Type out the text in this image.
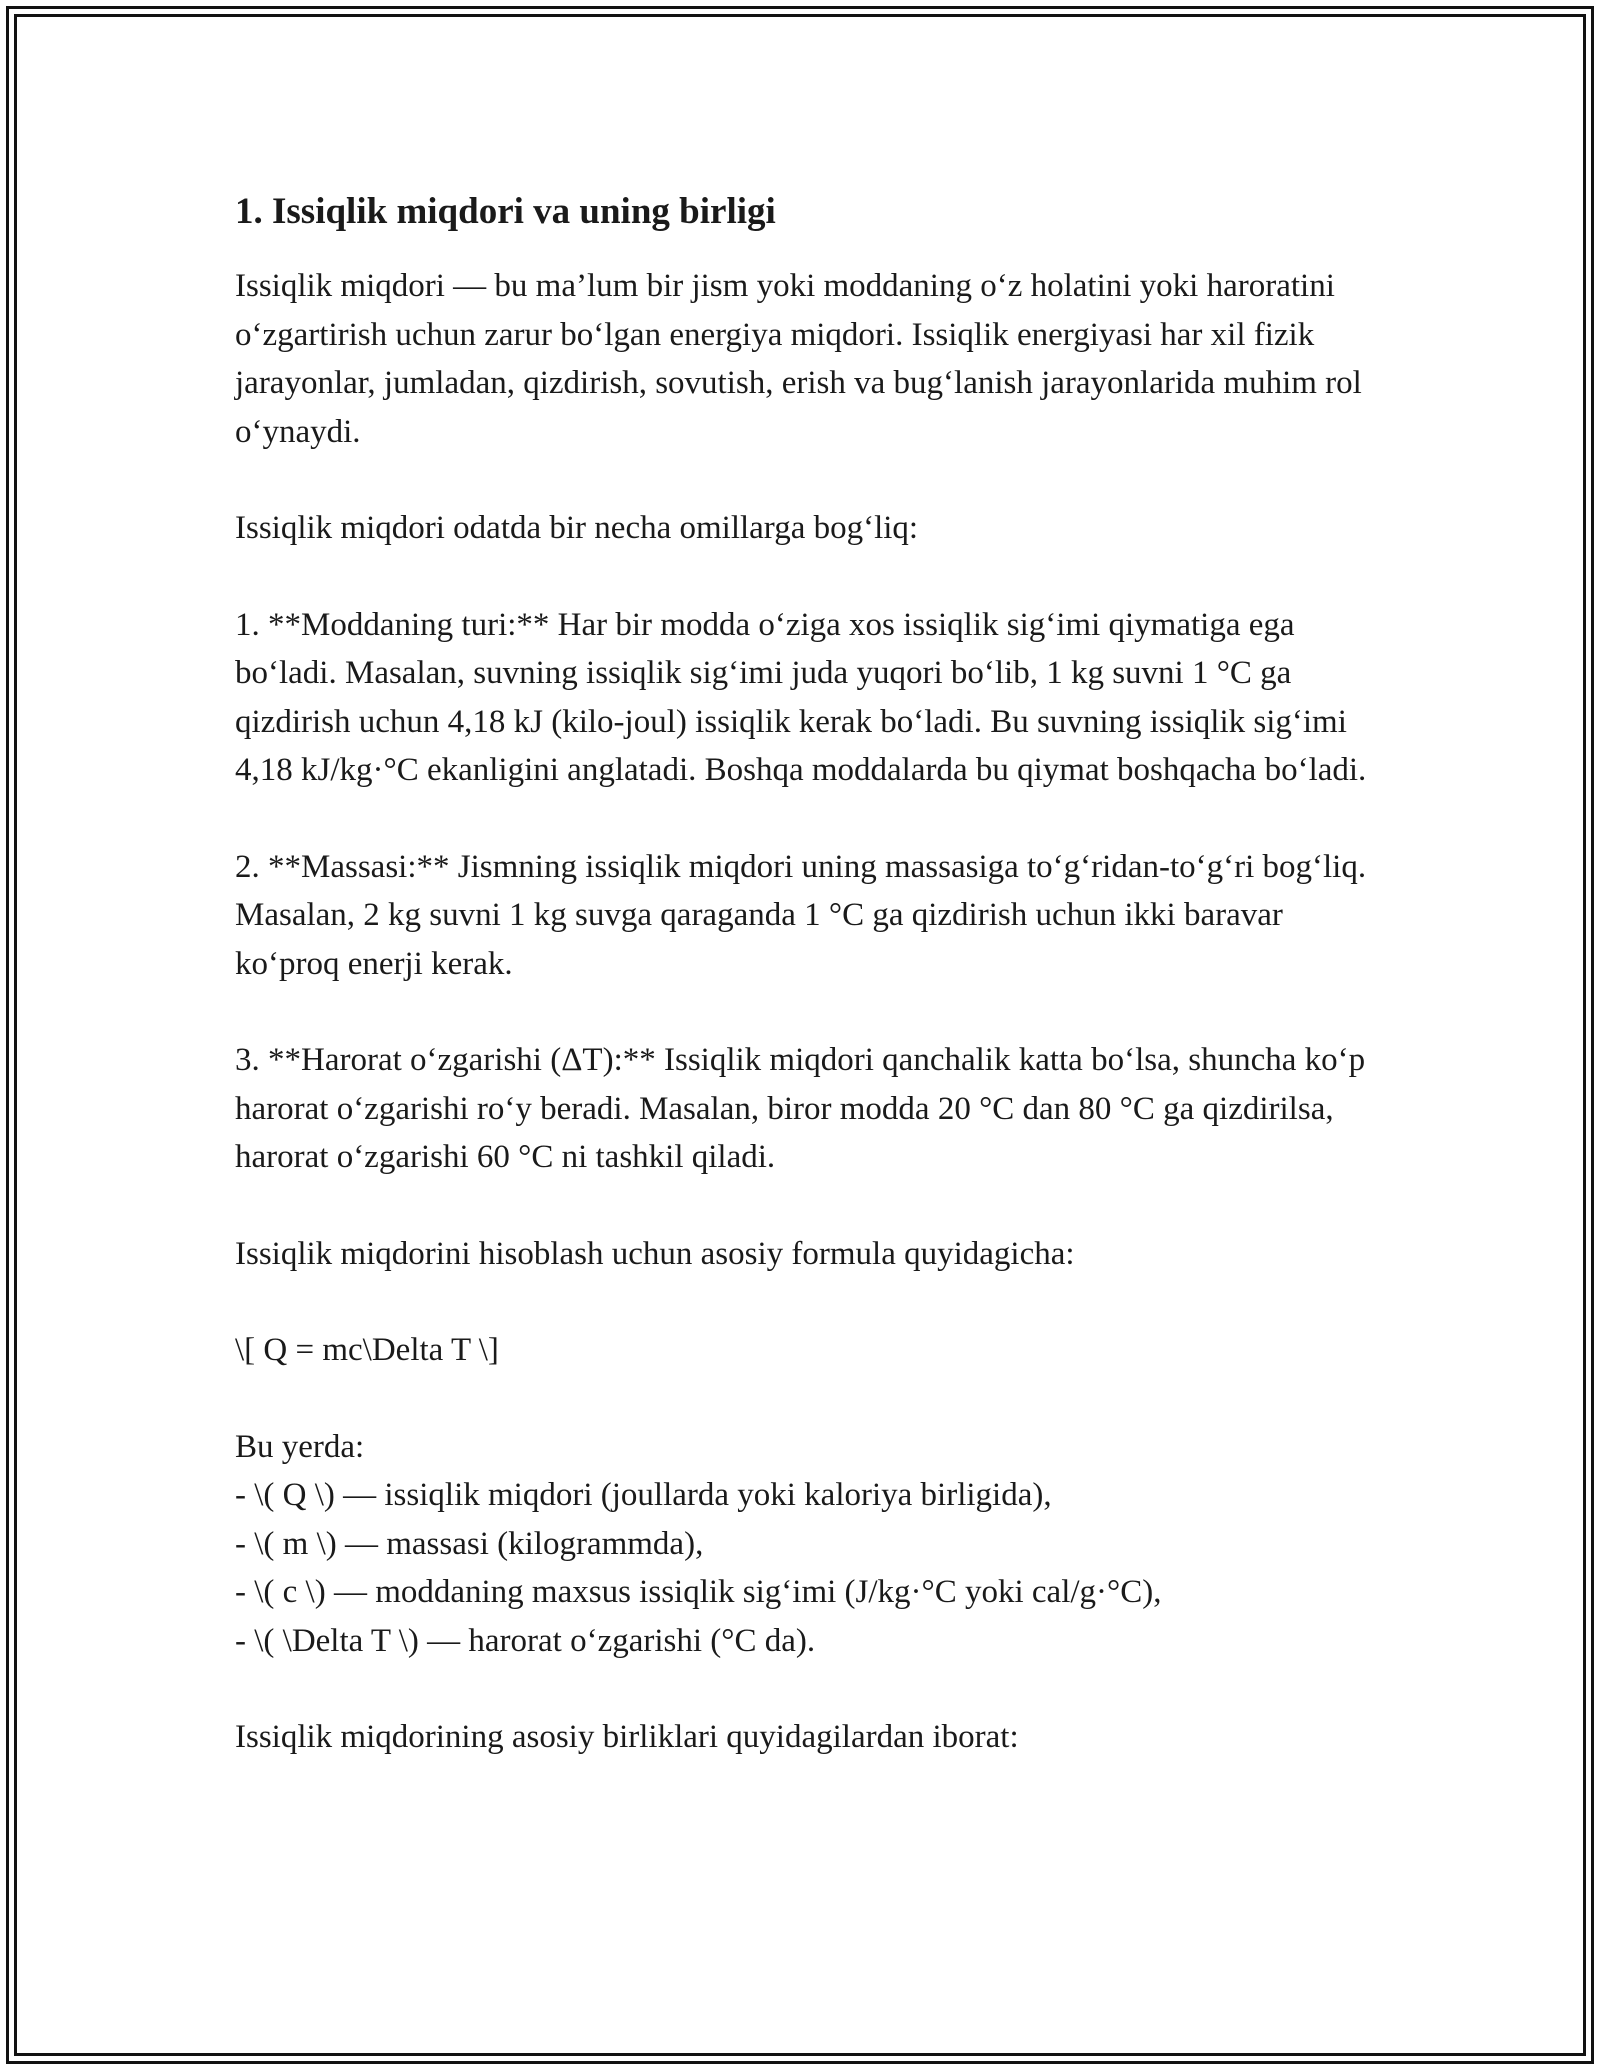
1. Issiqlik miqdori va uning birligi

Issiqlik miqdori — bu ma’lum bir jism yoki moddaning o‘z holatini yoki haroratini o‘zgartirish uchun zarur bo‘lgan energiya miqdori. Issiqlik energiyasi har xil fizik jarayonlar, jumladan, qizdirish, sovutish, erish va bug‘lanish jarayonlarida muhim rol o‘ynaydi.

Issiqlik miqdori odatda bir necha omillarga bog‘liq:

1. **Moddaning turi:** Har bir modda o‘ziga xos issiqlik sig‘imi qiymatiga ega bo‘ladi. Masalan, suvning issiqlik sig‘imi juda yuqori bo‘lib, 1 kg suvni 1 °C ga qizdirish uchun 4,18 kJ (kilo-joul) issiqlik kerak bo‘ladi. Bu suvning issiqlik sig‘imi 4,18 kJ/kg·°C ekanligini anglatadi. Boshqa moddalarda bu qiymat boshqacha bo‘ladi.

2. **Massasi:** Jismning issiqlik miqdori uning massasiga to‘g‘ridan-to‘g‘ri bog‘liq. Masalan, 2 kg suvni 1 kg suvga qaraganda 1 °C ga qizdirish uchun ikki baravar ko‘proq enerji kerak.

3. **Harorat o‘zgarishi (ΔT):** Issiqlik miqdori qanchalik katta bo‘lsa, shuncha ko‘p harorat o‘zgarishi ro‘y beradi. Masalan, biror modda 20 °C dan 80 °C ga qizdirilsa, harorat o‘zgarishi 60 °C ni tashkil qiladi.

Issiqlik miqdorini hisoblash uchun asosiy formula quyidagicha:

\[ Q = mc\Delta T \]

Bu yerda:
- \( Q \) — issiqlik miqdori (joullarda yoki kaloriya birligida),
- \( m \) — massasi (kilogrammda),
- \( c \) — moddaning maxsus issiqlik sig‘imi (J/kg·°C yoki cal/g·°C),
- \( \Delta T \) — harorat o‘zgarishi (°C da).

Issiqlik miqdorining asosiy birliklari quyidagilardan iborat:
